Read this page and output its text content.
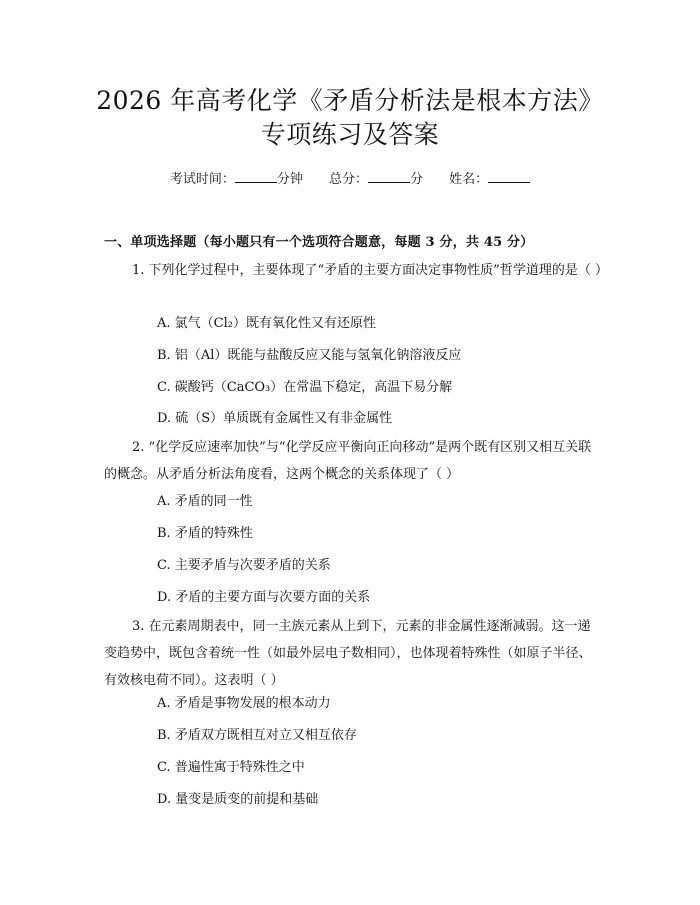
2026 年高考化学《矛盾分析法是根本方法》
专项练习及答案
考试时间：	分钟 总分：	分 姓名：
一、单项选择题（每小题只有一个选项符合题意，每题 3 分，共 45 分）

1. 下列化学过程中，主要体现了“矛盾的主要方面决定事物性质”哲学道理的是（ ）

A. 氯气（Cl₂）既有氧化性又有还原性
B. 铝（Al）既能与盐酸反应又能与氢氧化钠溶液反应
C. 碳酸钙（CaCO₃）在常温下稳定，高温下易分解
D. 硫（S）单质既有金属性又有非金属性

2. “化学反应速率加快”与“化学反应平衡向正向移动”是两个既有区别又相互关联的概念。从矛盾分析法角度看，这两个概念的关系体现了（ ）

A. 矛盾的同一性
B. 矛盾的特殊性
C. 主要矛盾与次要矛盾的关系
D. 矛盾的主要方面与次要方面的关系

3. 在元素周期表中，同一主族元素从上到下，元素的非金属性逐渐减弱。这一递变趋势中，既包含着统一性（如最外层电子数相同），也体现着特殊性（如原子半径、有效核电荷不同）。这表明（ ）

A. 矛盾是事物发展的根本动力
B. 矛盾双方既相互对立又相互依存
C. 普遍性寓于特殊性之中
D. 量变是质变的前提和基础
